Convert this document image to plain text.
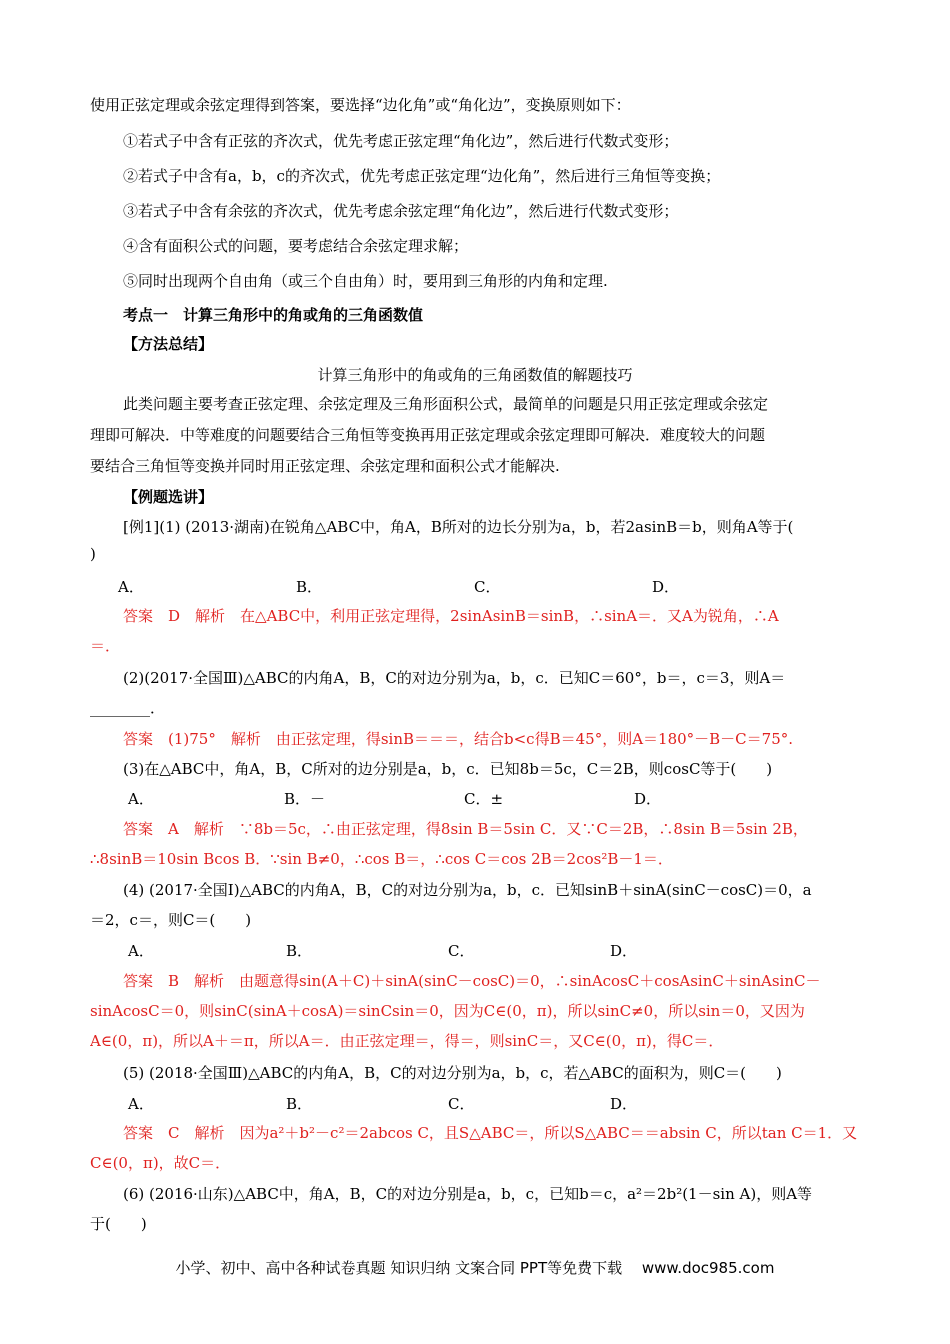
使用正弦定理或余弦定理得到答案，要选择“边化角”或“角化边”，变换原则如下：
①若式子中含有正弦的齐次式，优先考虑正弦定理“角化边”，然后进行代数式变形；
②若式子中含有a，b，c的齐次式，优先考虑正弦定理“边化角”，然后进行三角恒等变换；
③若式子中含有余弦的齐次式，优先考虑余弦定理“角化边”，然后进行代数式变形；
④含有面积公式的问题，要考虑结合余弦定理求解；
⑤同时出现两个自由角（或三个自由角）时，要用到三角形的内角和定理.
考点一　计算三角形中的角或角的三角函数值
【方法总结】
计算三角形中的角或角的三角函数值的解题技巧
此类问题主要考查正弦定理、余弦定理及三角形面积公式，最简单的问题是只用正弦定理或余弦定
理即可解决．中等难度的问题要结合三角恒等变换再用正弦定理或余弦定理即可解决．难度较大的问题
要结合三角恒等变换并同时用正弦定理、余弦定理和面积公式才能解决.
【例题选讲】
[例1](1) (2013·湖南)在锐角△ABC中，角A，B所对的边长分别为a，b，若2asinB＝b，则角A等于(
)
A．	B．	C．	D．
答案　D　解析　在△ABC中，利用正弦定理得，2sinAsinB＝sinB，∴sinA＝．又A为锐角，∴A
＝．
(2)(2017·全国Ⅲ)△ABC的内角A，B，C的对边分别为a，b，c．已知C＝60°，b＝，c＝3，则A＝
________．
答案　(1)75°　解析　由正弦定理，得sinB＝＝＝，结合b<c得B＝45°，则A＝180°－B－C＝75°.
(3)在△ABC中，角A，B，C所对的边分别是a，b，c．已知8b＝5c，C＝2B，则cosC等于(　　)
A．	B．－	C．±	D．
答案　A　解析　∵8b＝5c，∴由正弦定理，得8sin B＝5sin C．又∵C＝2B，∴8sin B＝5sin 2B，
∴8sinB＝10sin Bcos B．∵sin B≠0，∴cos B＝，∴cos C＝cos 2B＝2cos²B－1＝．
(4) (2017·全国Ⅰ)△ABC的内角A，B，C的对边分别为a，b，c．已知sinB＋sinA(sinC－cosC)＝0，a
＝2，c＝，则C＝(　　)
A．	B．	C．	D．
答案　B　解析　由题意得sin(A＋C)＋sinA(sinC－cosC)＝0，∴sinAcosC＋cosAsinC＋sinAsinC－
sinAcosC＝0，则sinC(sinA＋cosA)＝sinCsin＝0，因为C∈(0，π)，所以sinC≠0，所以sin＝0，又因为
A∈(0，π)，所以A＋＝π，所以A＝．由正弦定理＝，得＝，则sinC＝，又C∈(0，π)，得C＝．
(5) (2018·全国Ⅲ)△ABC的内角A，B，C的对边分别为a，b，c，若△ABC的面积为，则C＝(　　)
A．	B．	C．	D．
答案　C　解析　因为a²＋b²－c²＝2abcos C，且S△ABC＝，所以S△ABC＝＝absin C，所以tan C＝1．又
C∈(0，π)，故C＝．
(6) (2016·山东)△ABC中，角A，B，C的对边分别是a，b，c，已知b＝c，a²＝2b²(1－sin A)，则A等
于(　　)
小学、初中、高中各种试卷真题 知识归纳 文案合同 PPT等免费下载　 www.doc985.com
